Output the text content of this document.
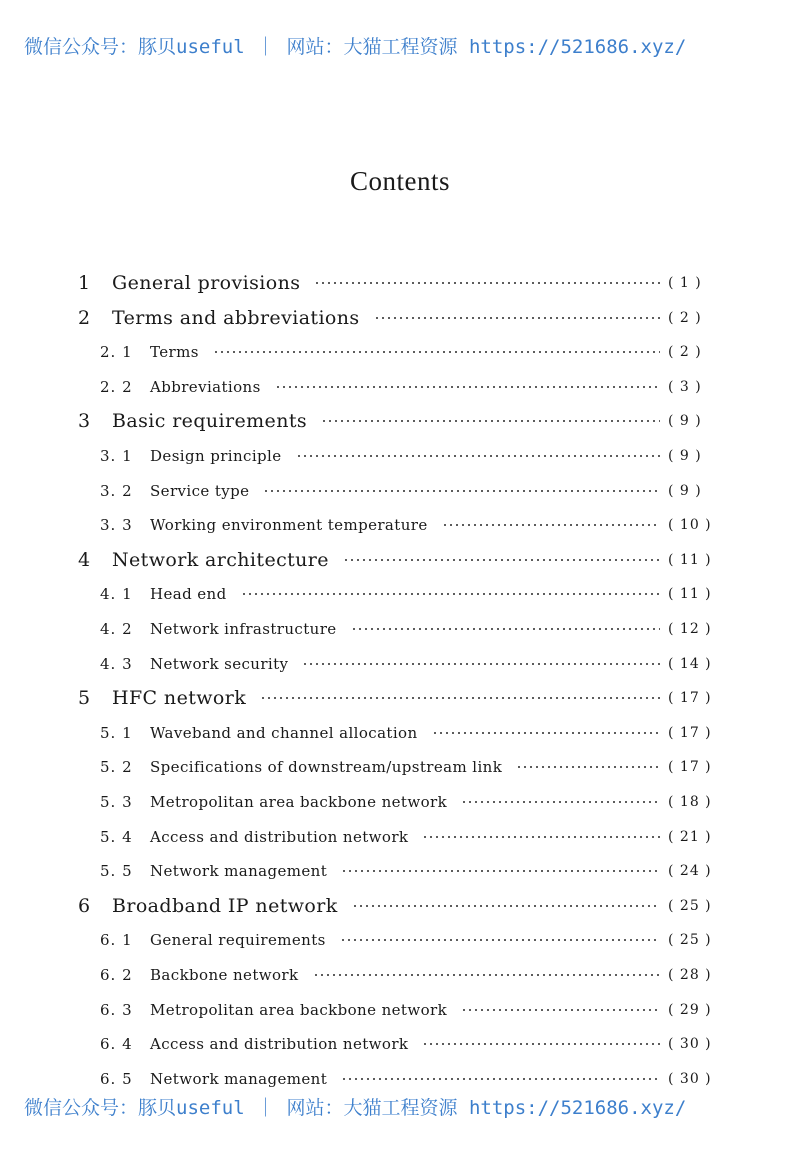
微信公众号：豚贝useful ｜ 网站：大猫工程资源 https://521686.xyz/
Contents
1 General provisions	( 1 )
2 Terms and abbreviations	( 2 )
2. 1 Terms	( 2 )
2. 2 Abbreviations	( 3 )
3 Basic requirements	( 9 )
3. 1 Design principle	( 9 )
3. 2 Service type	( 9 )
3. 3 Working environment temperature	( 10 )
4 Network architecture	( 11 )
4. 1 Head end	( 11 )
4. 2 Network infrastructure	( 12 )
4. 3 Network security	( 14 )
5 HFC network	( 17 )
5. 1 Waveband and channel allocation	( 17 )
5. 2 Specifications of downstream/upstream link	( 17 )
5. 3 Metropolitan area backbone network	( 18 )
5. 4 Access and distribution network	( 21 )
5. 5 Network management	( 24 )
6 Broadband IP network	( 25 )
6. 1 General requirements	( 25 )
6. 2 Backbone network	( 28 )
6. 3 Metropolitan area backbone network	( 29 )
6. 4 Access and distribution network	( 30 )
6. 5 Network management	( 30 )
微信公众号：豚贝useful ｜ 网站：大猫工程资源 https://521686.xyz/
